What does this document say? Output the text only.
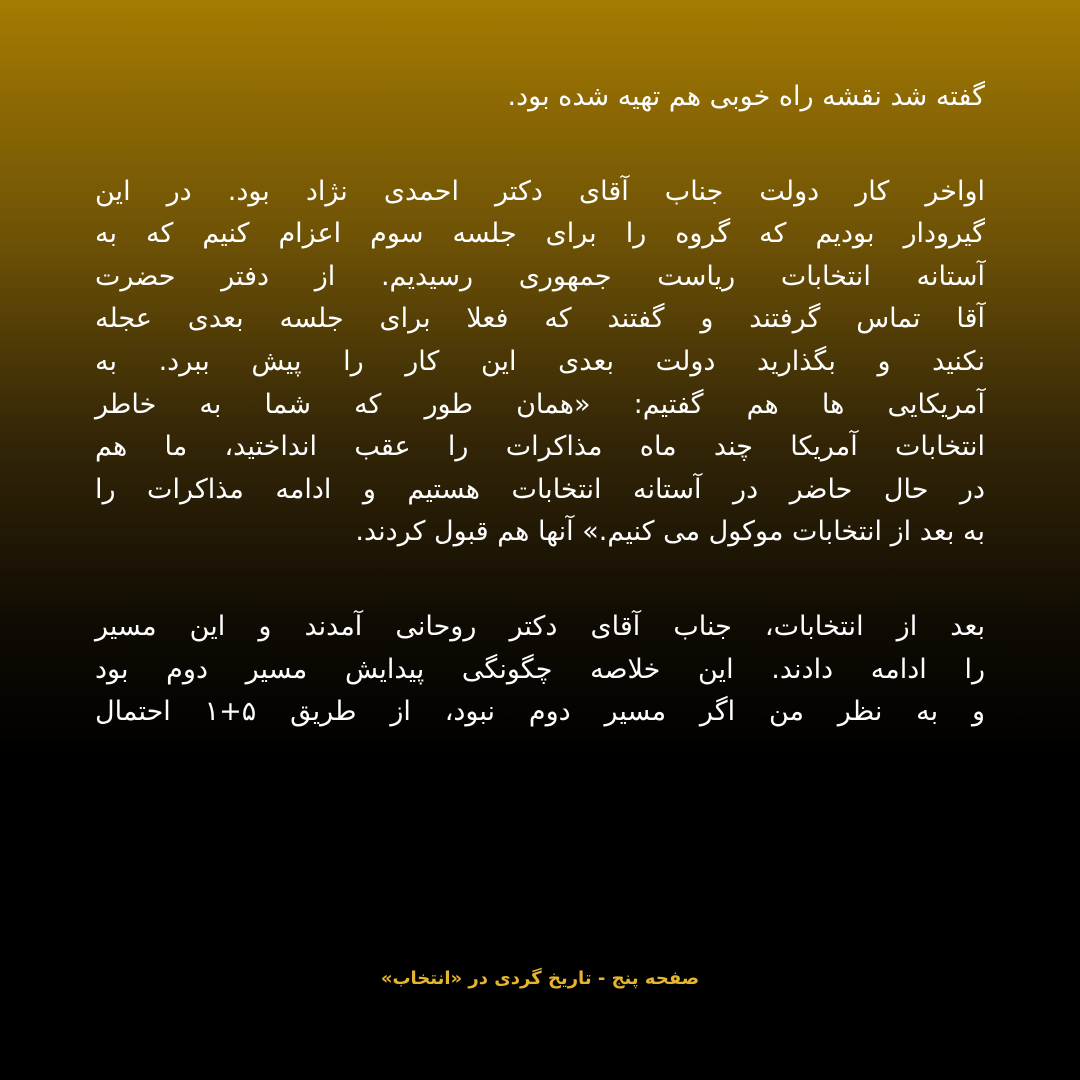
گفته شد نقشه راه خوبی هم تهیه شده بود.
اواخر کار دولت جناب آقای دکتر احمدی نژاد بود. در این
گیرودار بودیم که گروه را برای جلسه سوم اعزام کنیم که به
آستانه انتخابات ریاست جمهوری رسیدیم. از دفتر حضرت
آقا تماس گرفتند و گفتند که فعلا برای جلسه بعدی عجله
نکنید و بگذارید دولت بعدی این کار را پیش ببرد. به
آمریکایی ها هم گفتیم: «همان طور که شما به خاطر
انتخابات آمریکا چند ماه مذاکرات را عقب انداختید، ما هم
در حال حاضر در آستانه انتخابات هستیم و ادامه مذاکرات را
به بعد از انتخابات موکول می کنیم.» آنها هم قبول کردند.
بعد از انتخابات، جناب آقای دکتر روحانی آمدند و این مسیر
را ادامه دادند. این خلاصه چگونگی پیدایش مسیر دوم بود
و به نظر من اگر مسیر دوم نبود، از طریق ۵+۱ احتمال
صفحه پنج - تاریخ گردی در «انتخاب»
